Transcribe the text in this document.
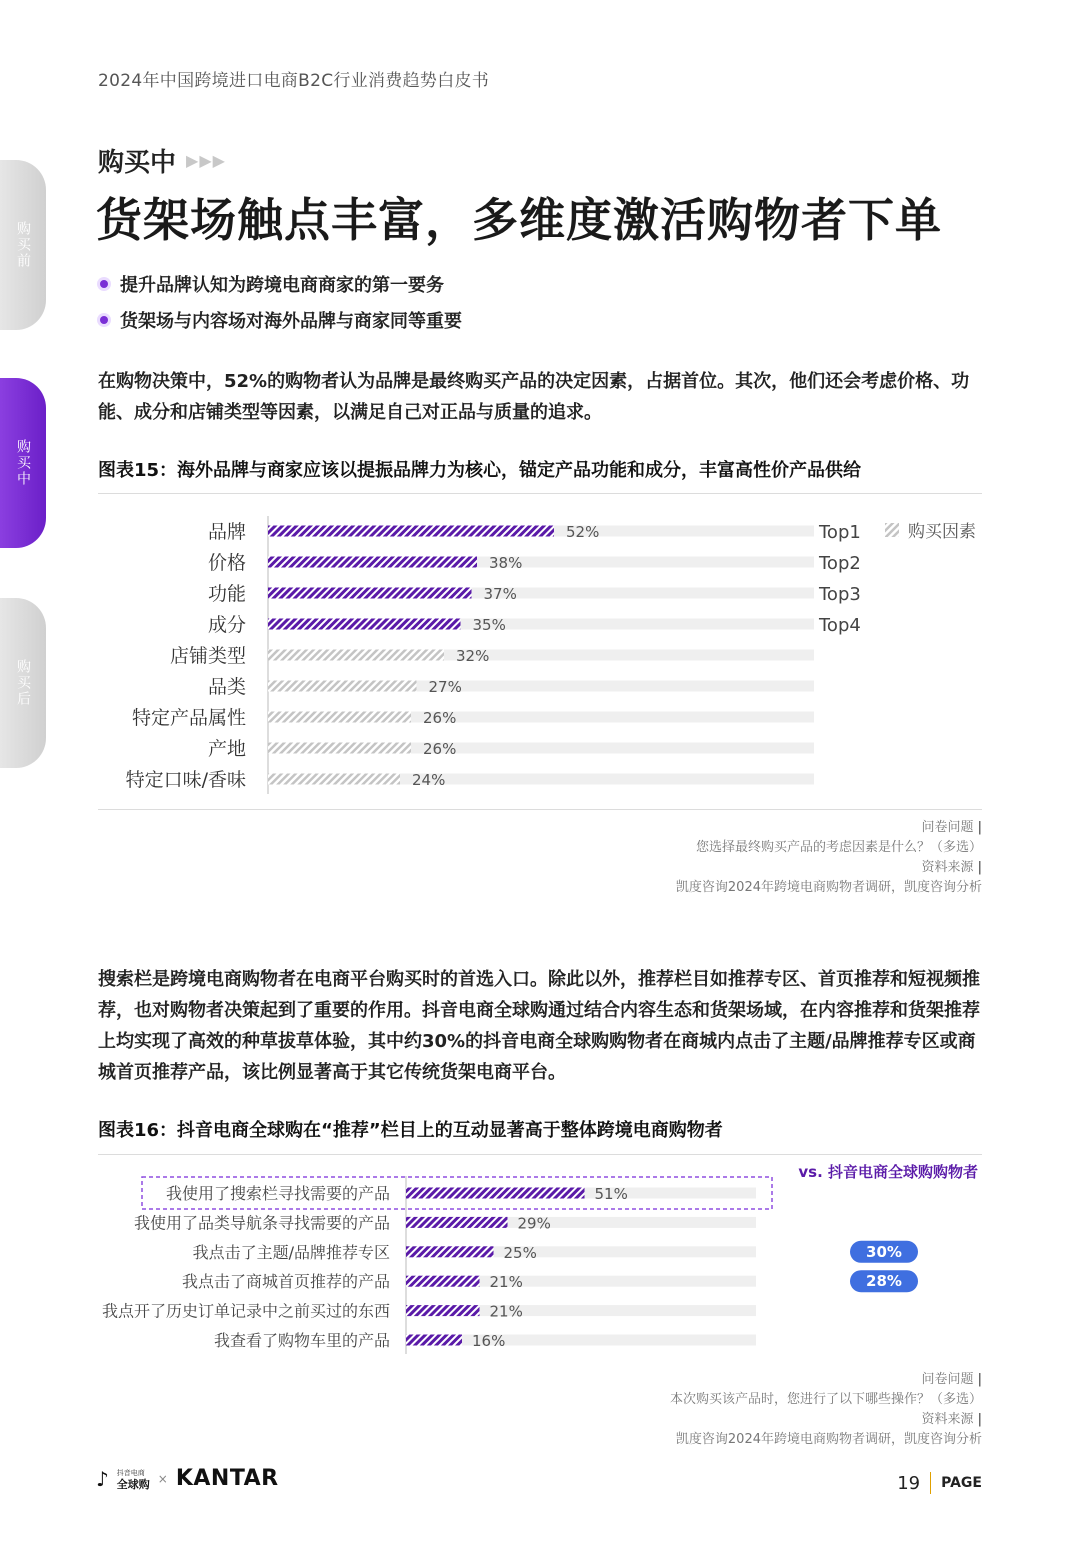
2024年中国跨境进口电商B2C行业消费趋势白皮书
购买前
购买中
购买后
购买中 ▶▶▶
货架场触点丰富，多维度激活购物者下单
提升品牌认知为跨境电商商家的第一要务
货架场与内容场对海外品牌与商家同等重要
在购物决策中，52%的购物者认为品牌是最终购买产品的决定因素，占据首位。其次，他们还会考虑价格、功能、成分和店铺类型等因素，以满足自己对正品与质量的追求。
图表15：海外品牌与商家应该以提振品牌力为核心，锚定产品功能和成分，丰富高性价产品供给
品牌	52%	Top1
价格	38%	Top2
功能	37%	Top3
成分	35%	Top4
店铺类型	32%
品类	27%
特定产品属性	26%
产地	26%
特定口味/香味	24%
购买因素
问卷问题 |
您选择最终购买产品的考虑因素是什么？（多选）
资料来源 |
凯度咨询2024年跨境电商购物者调研，凯度咨询分析
搜索栏是跨境电商购物者在电商平台购买时的首选入口。除此以外，推荐栏目如推荐专区、首页推荐和短视频推荐，也对购物者决策起到了重要的作用。抖音电商全球购通过结合内容生态和货架场域，在内容推荐和货架推荐上均实现了高效的种草拔草体验，其中约30%的抖音电商全球购购物者在商城内点击了主题/品牌推荐专区或商城首页推荐产品，该比例显著高于其它传统货架电商平台。
图表16：抖音电商全球购在“推荐”栏目上的互动显著高于整体跨境电商购物者
vs. 抖音电商全球购购物者
我使用了搜索栏寻找需要的产品	51%
我使用了品类导航条寻找需要的产品	29%
我点击了主题/品牌推荐专区	25%	30%
我点击了商城首页推荐的产品	21%	28%
我点开了历史订单记录中之前买过的东西	21%
我查看了购物车里的产品	16%
问卷问题 |
本次购买该产品时，您进行了以下哪些操作？（多选）
资料来源 |
凯度咨询2024年跨境电商购物者调研，凯度咨询分析
♪ 抖音电商
全球购 × KANTAR	19 PAGE
